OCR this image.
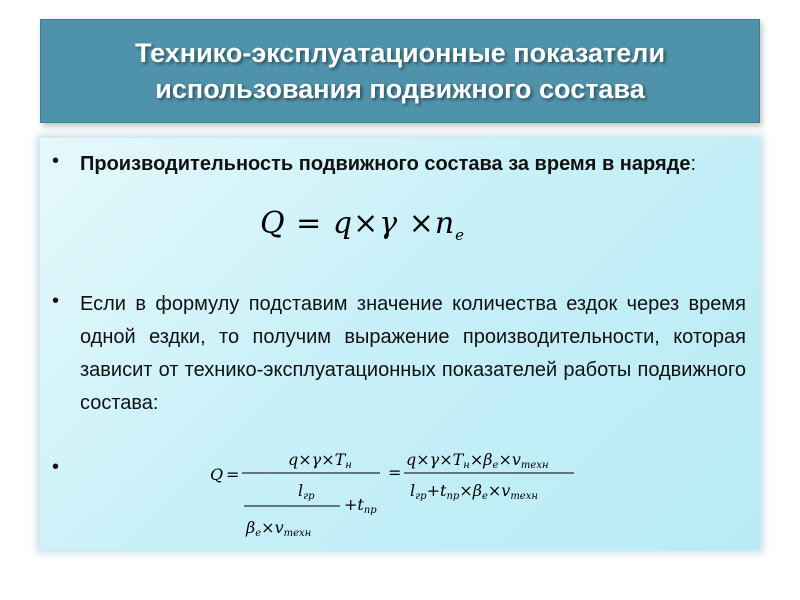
Технико-эксплуатационные показатели
использования подвижного состава

• Производительность подвижного состава за время в наряде:
$Q = q\times\gamma \times n_е$
• Если в формулу подставим значение количества ездок через время одной ездки, то получим выражение производительности, которая зависит от технико-эксплуатационных показателей работы подвижного состава:
•	Q =
q×γ×Tн
lгр
βе×vтехн
+tпр
=
q×γ×Tн×βе×vтехн
lгр+tпр×βе×vтехн
